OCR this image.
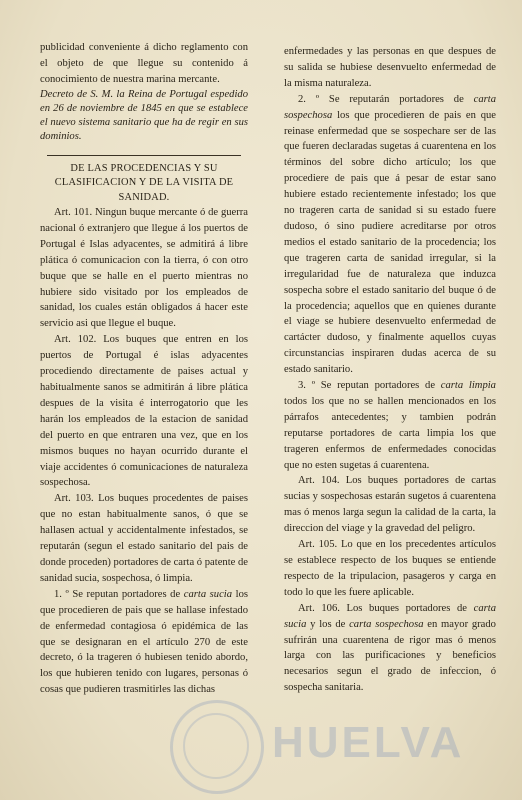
publicidad conveniente á dicho reglamento con el objeto de que llegue su contenido á conocimiento de nuestra marina mercante.

Decreto de S. M. la Reina de Portugal espedido en 26 de noviembre de 1845 en que se establece el nuevo sistema sanitario que ha de regir en sus dominios.

DE LAS PROCEDENCIAS Y SU CLASIFICACION Y DE LA VISITA DE SANIDAD.

Art. 101. Ningun buque mercante ó de guerra nacional ó extranjero que llegue á los puertos de Portugal é Islas adyacentes, se admitirá á libre plática ó comunicacion con la tierra, ó con otro buque que se halle en el puerto mientras no hubiere sido visitado por los empleados de sanidad, los cuales están obligados á hacer este servicio asi que llegue el buque.

Art. 102. Los buques que entren en los puertos de Portugal é islas adyacentes procediendo directamente de paises actual y habitualmente sanos se admitirán á libre plática despues de la visita é interrogatorio que les harán los empleados de la estacion de sanidad del puerto en que entraren una vez, que en los mismos buques no hayan ocurrido durante el viaje accidentes ó comunicaciones de naturaleza sospechosa.

Art. 103. Los buques procedentes de paises que no estan habitualmente sanos, ó que se hallasen actual y accidentalmente infestados, se reputarán (segun el estado sanitario del pais de donde proceden) portadores de carta ó patente de sanidad sucia, sospechosa, ó limpia.

1. º Se reputan portadores de carta sucia los que procedieren de pais que se hallase infestado de enfermedad contagiosa ó epidémica de las que se designaran en el artículo 270 de este decreto, ó la trageren ó hubiesen tenido abordo, los que hubieren tenido con lugares, personas ó cosas que pudieren trasmitirles las dichas

enfermedades y las personas en que despues de su salida se hubiese desenvuelto enfermedad de la misma naturaleza.

2. º Se reputarán portadores de carta sospechosa los que procedieren de pais en que reinase enfermedad que se sospechare ser de las que fueren declaradas sugetas á cuarentena en los términos del sobre dicho artículo; los que procediere de pais que á pesar de estar sano hubiere estado recientemente infestado; los que no trageren carta de sanidad si su estado fuere dudoso, ó sino pudiere acreditarse por otros medios el estado sanitario de la procedencia; los que trageren carta de sanidad irregular, si la irregularidad fue de naturaleza que induzca sospecha sobre el estado sanitario del buque ó de la procedencia; aquellos que en quienes durante el viage se hubiere desenvuelto enfermedad de cartácter dudoso, y finalmente aquellos cuyas circunstancias inspiraren dudas acerca de su estado sanitario.

3. º Se reputan portadores de carta limpia todos los que no se hallen mencionados en los párrafos antecedentes; y tambien podrán reputarse portadores de carta limpia los que trageren enfermos de enfermedades conocidas que no esten sugetas á cuarentena.

Art. 104. Los buques portadores de cartas sucias y sospechosas estarán sugetos á cuarentena mas ó menos larga segun la calidad de la carta, la direccion del viage y la gravedad del peligro.

Art. 105. Lo que en los precedentes artículos se establece respecto de los buques se entiende respecto de la tripulacion, pasageros y carga en todo lo que les fuere aplicable.

Art. 106. Los buques portadores de carta sucia y los de carta sospechosa en mayor grado sufrirán una cuarentena de rigor mas ó menos larga con las purificaciones y beneficios necesarios segun el grado de infeccion, ó sospecha sanitaria.

HUELVA
